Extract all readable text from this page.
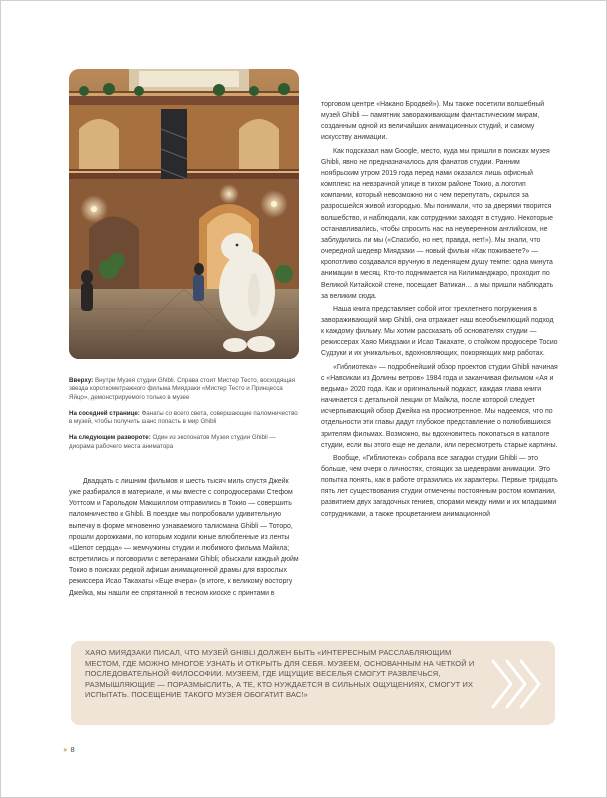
Вверху: Внутри Музея студии Ghibli. Справа стоит Мистер Тесто, восходящая звезда короткометражного фильма Миядзаки «Мистер Тесто и Принцесса Яйцо», демонстрируемого только в музее

На соседней странице: Фанаты со всего света, совершающие паломничество в музей, чтобы получить шанс попасть в мир Ghibli

На следующем развороте: Один из экспонатов Музея студии Ghibli — диорама рабочего места аниматора

Двадцать с лишним фильмов и шесть тысяч миль спустя Джейк уже разбирался в материале, и мы вместе с сопродюсерами Стефом Уоттсом и Гарольдом Макшиллом отправились в Токио — совершить паломничество к Ghibli. В поездке мы попробовали удивительную выпечку в форме мгновенно узнаваемого талисмана Ghibli — Тоторо, прошли дорожками, по которым ходили юные влюбленные из ленты «Шепот сердца» — жемчужины студии и любимого фильма Майкла; встретились и поговорили с ветеранами Ghibli; обыскали каждый дюйм Токио в поисках редкой афиши анимационной драмы для взрослых режиссера Исао Такахаты «Еще вчера» (в итоге, к великому восторгу Джейка, мы нашли ее спрятанной в тесном киоске с принтами в

торговом центре «Накано Бродвей»). Мы также посетили волшебный музей Ghibli — памятник завораживающим фантастическим мирам, созданным одной из величайших анимационных студий, и самому искусству анимации.

Как подсказал нам Google, место, куда мы пришли в поисках музея Ghibli, явно не предназначалось для фанатов студии. Ранним ноябрьским утром 2019 года перед нами оказался лишь офисный комплекс на невзрачной улице в тихом районе Токио, а логотип компании, который невозможно ни с чем перепутать, скрылся за разросшейся живой изгородью. Мы понимали, что за дверями творится волшебство, и наблюдали, как сотрудники заходят в студию. Некоторые останавливались, чтобы спросить нас на неуверенном английском, не заблудились ли мы («Спасибо, но нет, правда, нет!»). Мы знали, что очередной шедевр Миядзаки — новый фильм «Как поживаете?» — кропотливо создавался вручную в леденящем душу темпе: одна минута анимации в месяц. Кто-то поднимается на Килиманджаро, проходит по Великой Китайской стене, посещает Ватикан… а мы пришли наблюдать за великим сюда.

Наша книга представляет собой итог трехлетнего погружения в завораживающий мир Ghibli, она отражает наш всеобъемлющий подход к каждому фильму. Мы хотим рассказать об основателях студии — режиссерах Хаяо Миядзаки и Исао Такахате, о стойком продюсере Тосио Судзуки и их уникальных, вдохновляющих, покоряющих мир работах.

«Гиблиотека» — подробнейший обзор проектов студии Ghibli начиная с «Навсикаи из Долины ветров» 1984 года и заканчивая фильмом «Ая и ведьма» 2020 года. Как и оригинальный подкаст, каждая глава книги начинается с детальной лекции от Майкла, после которой следует исчерпывающий обзор Джейка на просмотренное. Мы надеемся, что по отдельности эти главы дадут глубокое представление о полюбившихся зрителям фильмах. Возможно, вы вдохновитесь покопаться в каталоге студии, если вы этого еще не делали, или пересмотреть старые картины.

Вообще, «Гиблиотека» собрала все загадки студии Ghibli — это больше, чем очерк о личностях, стоящих за шедеврами анимации. Это попытка понять, как в работе отразились их характеры. Первые тридцать пять лет существования студии отмечены постоянным ростом компании, развитием двух загадочных гениев, спорами между ними и их младшими сотрудниками, а также процветанием анимационной

ХАЯО МИЯДЗАКИ ПИСАЛ, ЧТО МУЗЕЙ GHIBLI ДОЛЖЕН БЫТЬ «ИНТЕРЕСНЫМ РАССЛАБЛЯЮЩИМ МЕСТОМ, ГДЕ МОЖНО МНОГОЕ УЗНАТЬ И ОТКРЫТЬ ДЛЯ СЕБЯ. МУЗЕЕМ, ОСНОВАННЫМ НА ЧЕТКОЙ И ПОСЛЕДОВАТЕЛЬНОЙ ФИЛОСОФИИ. МУЗЕЕМ, ГДЕ ИЩУЩИЕ ВЕСЕЛЬЯ СМОГУТ РАЗВЛЕЧЬСЯ, РАЗМЫШЛЯЮЩИЕ — ПОРАЗМЫСЛИТЬ, А ТЕ, КТО НУЖДАЕТСЯ В СИЛЬНЫХ ОЩУЩЕНИЯХ, СМОГУТ ИХ ИСПЫТАТЬ. ПОСЕЩЕНИЕ ТАКОГО МУЗЕЯ ОБОГАТИТ ВАС!»
● 8
